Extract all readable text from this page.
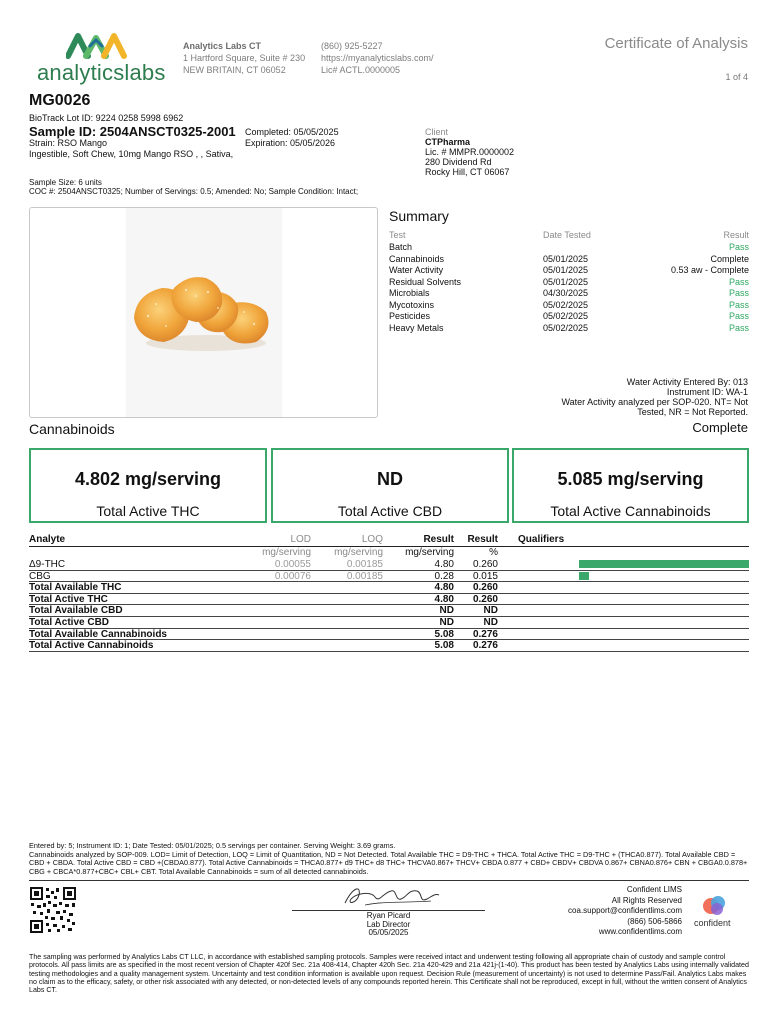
analyticslabs
Analytics Labs CT
1 Hartford Square, Suite # 230
NEW BRITAIN, CT 06052
(860) 925-5227
https://myanalyticslabs.com/
Lic# ACTL.0000005
Certificate of Analysis
1 of 4
MG0026
BioTrack Lot ID: 9224 0258 5998 6962
Sample ID: 2504ANSCT0325-2001 Completed: 05/05/2025
Expiration: 05/05/2026
Strain: RSO Mango
Ingestible, Soft Chew, 10mg Mango RSO , , Sativa,
Client
CTPharma
Lic. # MMPR.0000002
280 Dividend Rd
Rocky Hill, CT 06067
Sample Size: 6 units
COC #: 2504ANSCT0325; Number of Servings: 0.5; Amended: No; Sample Condition: Intact;
Summary
Test	Date Tested	Result
Batch		Pass
Cannabinoids	05/01/2025	Complete
Water Activity	05/01/2025	0.53 aw - Complete
Residual Solvents	05/01/2025	Pass
Microbials	04/30/2025	Pass
Mycotoxins	05/02/2025	Pass
Pesticides	05/02/2025	Pass
Heavy Metals	05/02/2025	Pass
Water Activity Entered By: 013
Instrument ID: WA-1
Water Activity analyzed per SOP-020. NT= Not
Tested, NR = Not Reported.
Cannabinoids	Complete
4.802 mg/serving
Total Active THC
ND
Total Active CBD
5.085 mg/serving
Total Active Cannabinoids
Analyte	LOD	LOQ	Result Result Qualifiers
mg/serving mg/serving mg/serving	%
Δ9-THC	0.00055	0.00185	4.80 0.260
CBG	0.00076	0.00185	0.28 0.015
Total Available THC	4.80 0.260
Total Active THC	4.80 0.260
Total Available CBD	ND	ND
Total Active CBD	ND	ND
Total Available Cannabinoids	5.08 0.276
Total Active Cannabinoids	5.08 0.276
Entered by: 5; Instrument ID: 1; Date Tested: 05/01/2025; 0.5 servings per container. Serving Weight: 3.69 grams.
Cannabinoids analyzed by SOP-009. LOD= Limit of Detection, LOQ = Limit of Quantitation, ND = Not Detected. Total Available THC = D9-THC + THCA. Total Active THC = D9-THC + (THCA0.877). Total Available CBD = CBD + CBDA. Total Active CBD = CBD +(CBDA0.877). Total Active Cannabinoids = THCA0.877+ d9 THC+ d8 THC+ THCVA0.867+ THCV+ CBDA 0.877 + CBD+ CBDV+ CBDVA 0.867+ CBNA0.876+ CBN + CBGA0.0.878+ CBG + CBCA*0.877+CBC+ CBL+ CBT. Total Available Cannabinoids = sum of all detected cannabinoids.
Ryan Picard
Lab Director
05/05/2025
Confident LIMS
All Rights Reserved
coa.support@confidentlims.com
(866) 506-5866
www.confidentlims.com
confident
The sampling was performed by Analytics Labs CT LLC, in accordance with established sampling protocols. Samples were received intact and underwent testing following all appropriate chain of custody and sample control protocols. All pass limits are as specified in the most recent version of Chapter 420f Sec. 21a 408-414, Chapter 420h Sec. 21a 420-429 and 21a 421j-(1-40). This product has been tested by Analytics Labs using internally validated testing methodologies and a quality management system. Uncertainty and test condition information is available upon request. Decision Rule (measurement of uncertainty) is not used to determine Pass/Fail. Analytics Labs makes no claim as to the efficacy, safety, or other risk associated with any detected, or non-detected levels of any compounds reported herein. This Certificate shall not be reproduced, except in full, without the written consent of Analytics Labs CT.
